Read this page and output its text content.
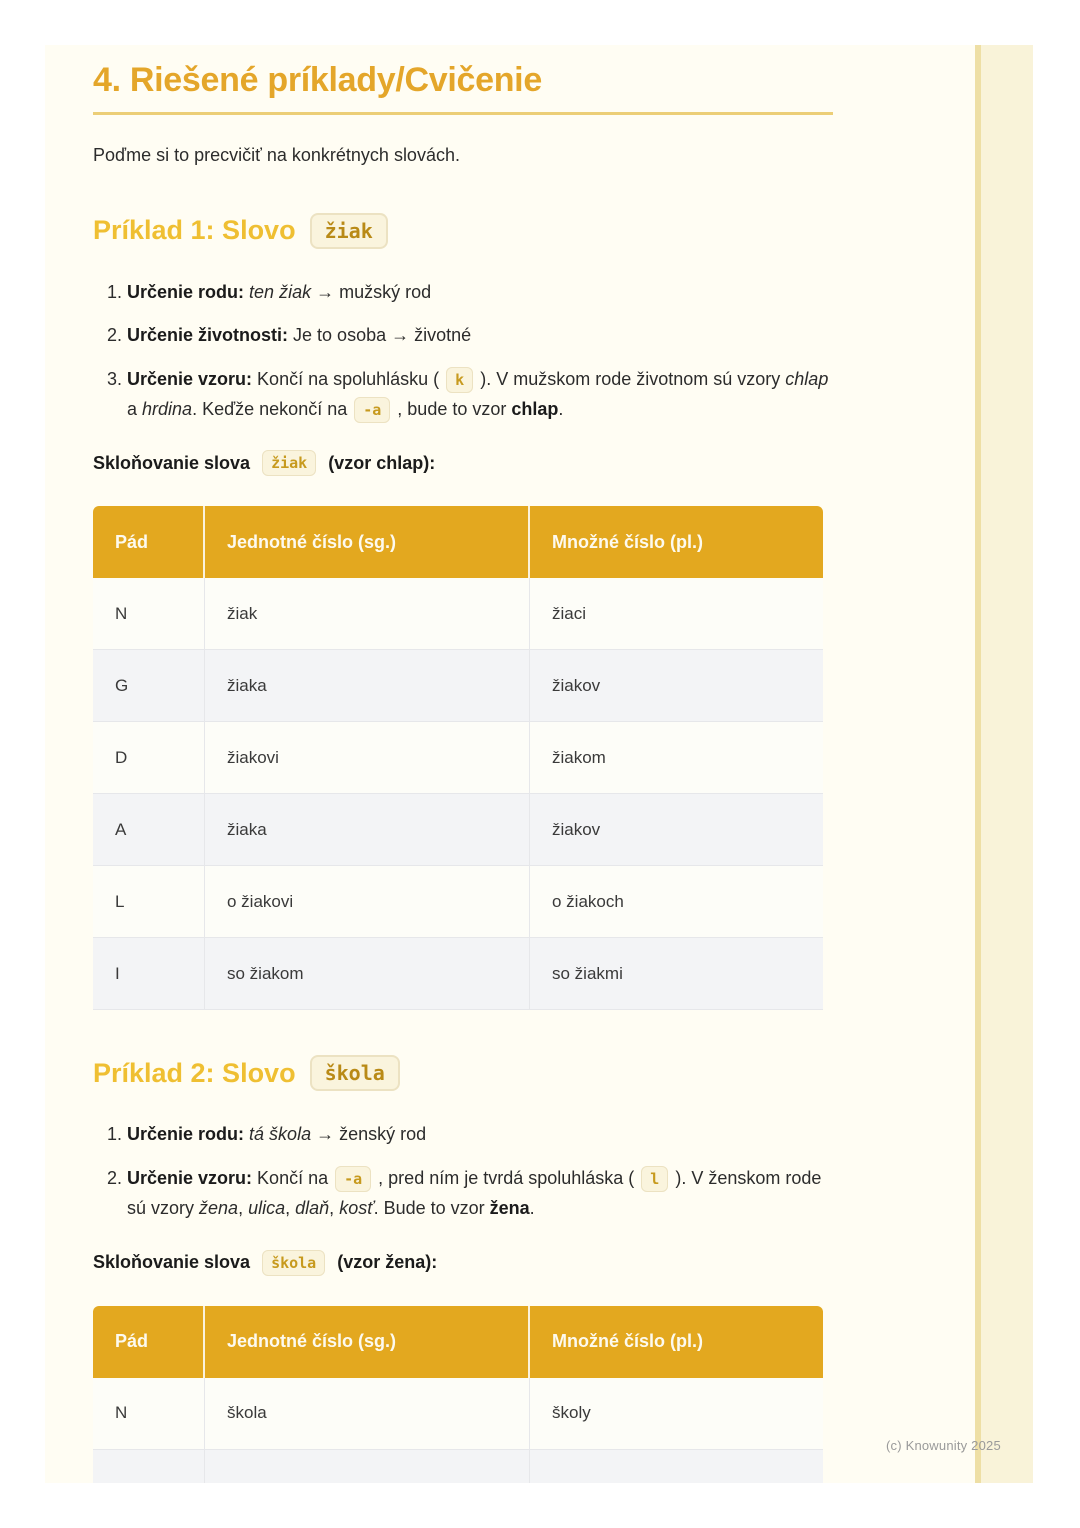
4. Riešené príklady/Cvičenie

Poďme si to precvičiť na konkrétnych slovách.

Príklad 1: Slovo	žiak
1. Určenie rodu: ten žiak → mužský rod
2. Určenie životnosti: Je to osoba → životné
3. Určenie vzoru: Končí na spoluhlásku ( k ). V mužskom rode životnom sú vzory chlap a hrdina. Keďže nekončí na -a , bude to vzor chlap.
Skloňovanie slova	žiak	(vzor chlap):
Pád	Jednotné číslo (sg.)	Množné číslo (pl.)
N	žiak	žiaci
G	žiaka	žiakov
D	žiakovi	žiakom
A	žiaka	žiakov
L	o žiakovi	o žiakoch
I	so žiakom	so žiakmi
Príklad 2: Slovo	škola
1. Určenie rodu: tá škola → ženský rod
2. Určenie vzoru: Končí na -a , pred ním je tvrdá spoluhláska ( l ). V ženskom rode sú vzory žena, ulica, dlaň, kosť. Bude to vzor žena.
Skloňovanie slova	škola	(vzor žena):
Pád	Jednotné číslo (sg.)	Množné číslo (pl.)
N	škola	školy

(c) Knowunity 2025
